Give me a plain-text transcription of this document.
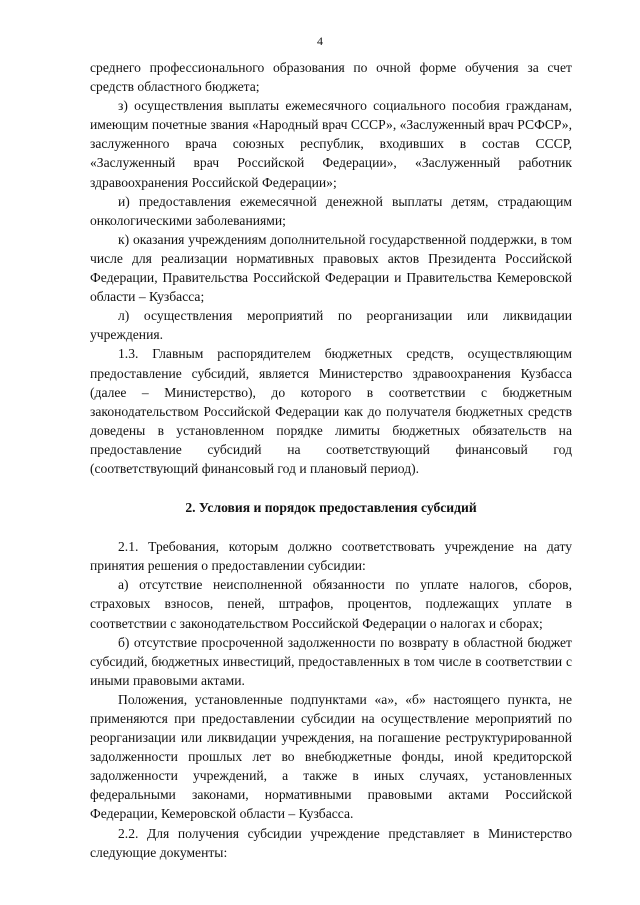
4

среднего профессионального образования по очной форме обучения за счет средств областного бюджета;

з) осуществления выплаты ежемесячного социального пособия гражданам, имеющим почетные звания «Народный врач СССР», «Заслуженный врач РСФСР», заслуженного врача союзных республик, входивших в состав СССР, «Заслуженный врач Российской Федерации», «Заслуженный работник здравоохранения Российской Федерации»;

и) предоставления ежемесячной денежной выплаты детям, страдающим онкологическими заболеваниями;

к) оказания учреждениям дополнительной государственной поддержки, в том числе для реализации нормативных правовых актов Президента Российской Федерации, Правительства Российской Федерации и Правительства Кемеровской области – Кузбасса;

л) осуществления мероприятий по реорганизации или ликвидации учреждения.

1.3. Главным распорядителем бюджетных средств, осуществляющим предоставление субсидий, является Министерство здравоохранения Кузбасса (далее – Министерство), до которого в соответствии с бюджетным законодательством Российской Федерации как до получателя бюджетных средств доведены в установленном порядке лимиты бюджетных обязательств на предоставление субсидий на соответствующий финансовый год (соответствующий финансовый год и плановый период).

2. Условия и порядок предоставления субсидий

2.1. Требования, которым должно соответствовать учреждение на дату принятия решения о предоставлении субсидии:

а) отсутствие неисполненной обязанности по уплате налогов, сборов, страховых взносов, пеней, штрафов, процентов, подлежащих уплате в соответствии с законодательством Российской Федерации о налогах и сборах;

б) отсутствие просроченной задолженности по возврату в областной бюджет субсидий, бюджетных инвестиций, предоставленных в том числе в соответствии с иными правовыми актами.

Положения, установленные подпунктами «а», «б» настоящего пункта, не применяются при предоставлении субсидии на осуществление мероприятий по реорганизации или ликвидации учреждения, на погашение реструктурированной задолженности прошлых лет во внебюджетные фонды, иной кредиторской задолженности учреждений, а также в иных случаях, установленных федеральными законами, нормативными правовыми актами Российской Федерации, Кемеровской области – Кузбасса.

2.2. Для получения субсидии учреждение представляет в Министерство следующие документы:
